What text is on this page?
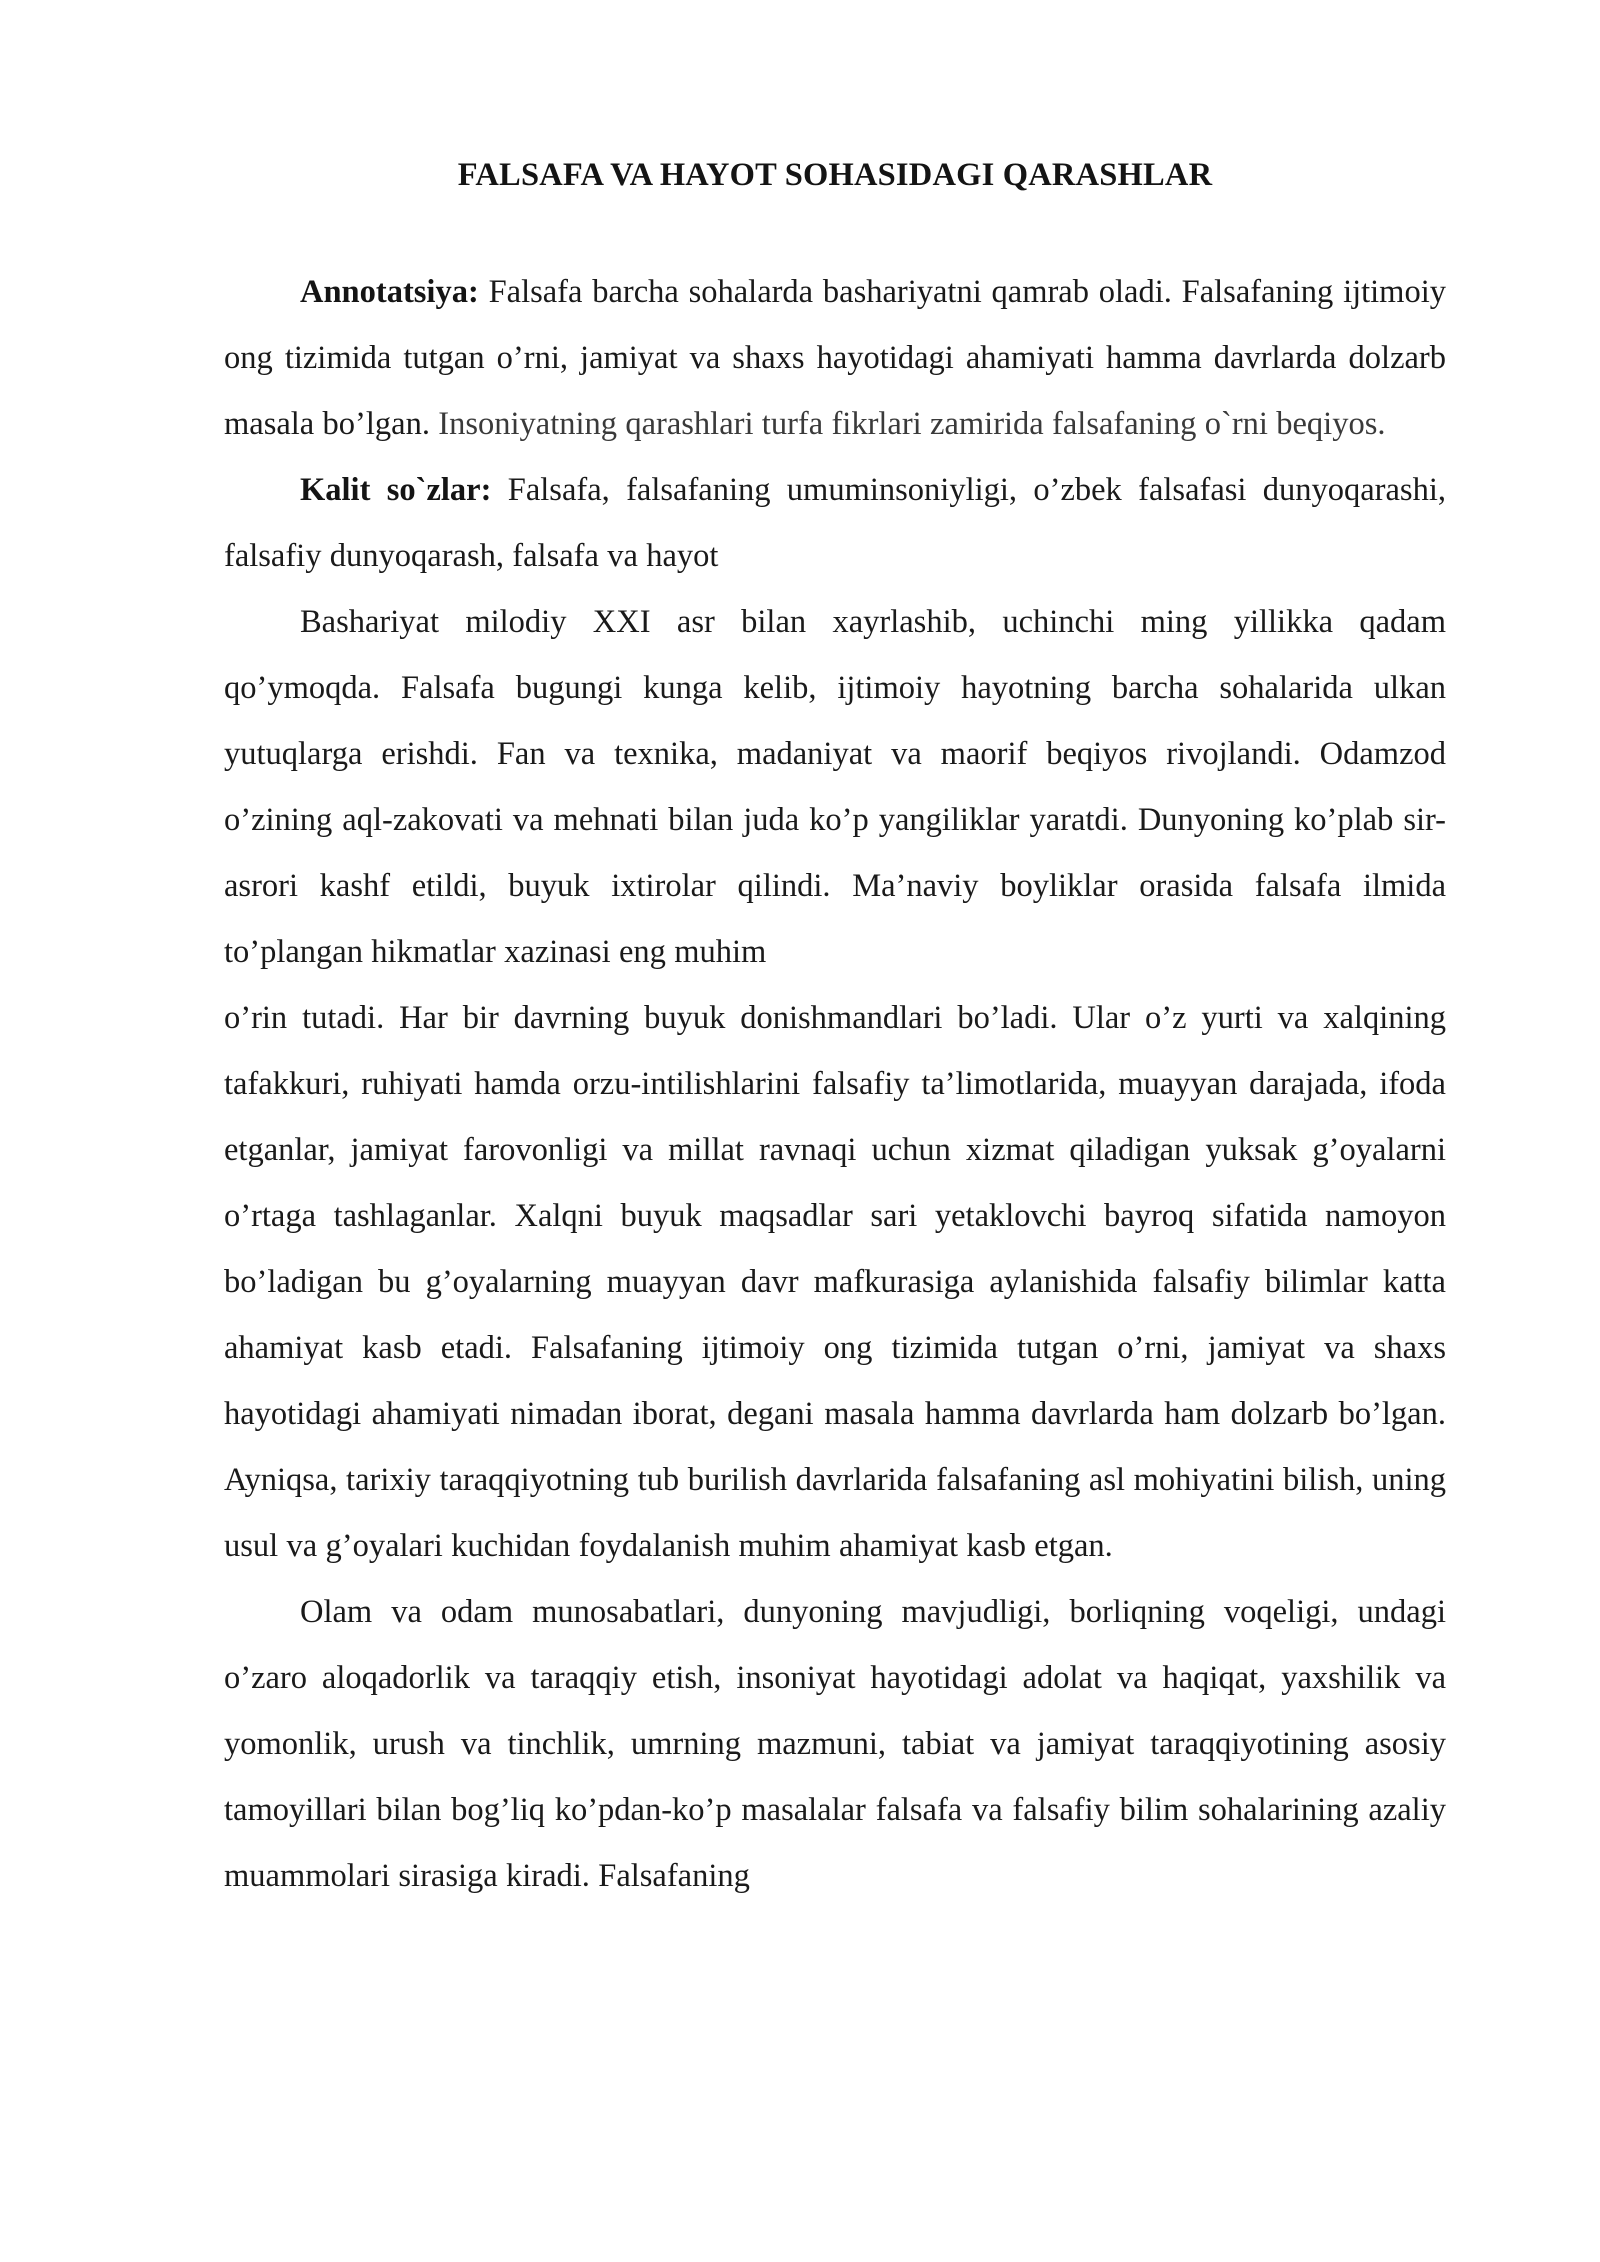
FALSAFA VA HAYOT SOHASIDAGI QARASHLAR

Annotatsiya: Falsafa barcha sohalarda bashariyatni qamrab oladi. Falsafaning ijtimoiy ong tizimida tutgan o’rni, jamiyat va shaxs hayotidagi ahamiyati hamma davrlarda dolzarb masala bo’lgan. Insoniyatning qarashlari turfa fikrlari zamirida falsafaning o`rni beqiyos.

Kalit so`zlar: Falsafa, falsafaning umuminsoniyligi, o’zbek falsafasi dunyoqarashi, falsafiy dunyoqarash, falsafa va hayot

Bashariyat milodiy XXI asr bilan xayrlashib, uchinchi ming yillikka qadam qo’ymoqda. Falsafa bugungi kunga kelib, ijtimoiy hayotning barcha sohalarida ulkan yutuqlarga erishdi. Fan va texnika, madaniyat va maorif beqiyos rivojlandi. Odamzod o’zining aql-zakovati va mehnati bilan juda ko’p yangiliklar yaratdi. Dunyoning ko’plab sir-asrori kashf etildi, buyuk ixtirolar qilindi. Ma’naviy boyliklar orasida falsafa ilmida to’plangan hikmatlar xazinasi eng muhim

o’rin tutadi. Har bir davrning buyuk donishmandlari bo’ladi. Ular o’z yurti va xalqining tafakkuri, ruhiyati hamda orzu-intilishlarini falsafiy ta’limotlarida, muayyan darajada, ifoda etganlar, jamiyat farovonligi va millat ravnaqi uchun xizmat qiladigan yuksak g’oyalarni o’rtaga tashlaganlar. Xalqni buyuk maqsadlar sari yetaklovchi bayroq sifatida namoyon bo’ladigan bu g’oyalarning muayyan davr mafkurasiga aylanishida falsafiy bilimlar katta ahamiyat kasb etadi. Falsafaning ijtimoiy ong tizimida tutgan o’rni, jamiyat va shaxs hayotidagi ahamiyati nimadan iborat, degani masala hamma davrlarda ham dolzarb bo’lgan. Ayniqsa, tarixiy taraqqiyotning tub burilish davrlarida falsafaning asl mohiyatini bilish, uning usul va g’oyalari kuchidan foydalanish muhim ahamiyat kasb etgan.

Olam va odam munosabatlari, dunyoning mavjudligi, borliqning voqeligi, undagi o’zaro aloqadorlik va taraqqiy etish, insoniyat hayotidagi adolat va haqiqat, yaxshilik va yomonlik, urush va tinchlik, umrning mazmuni, tabiat va jamiyat taraqqiyotining asosiy tamoyillari bilan bog’liq ko’pdan-ko’p masalalar falsafa va falsafiy bilim sohalarining azaliy muammolari sirasiga kiradi. Falsafaning
